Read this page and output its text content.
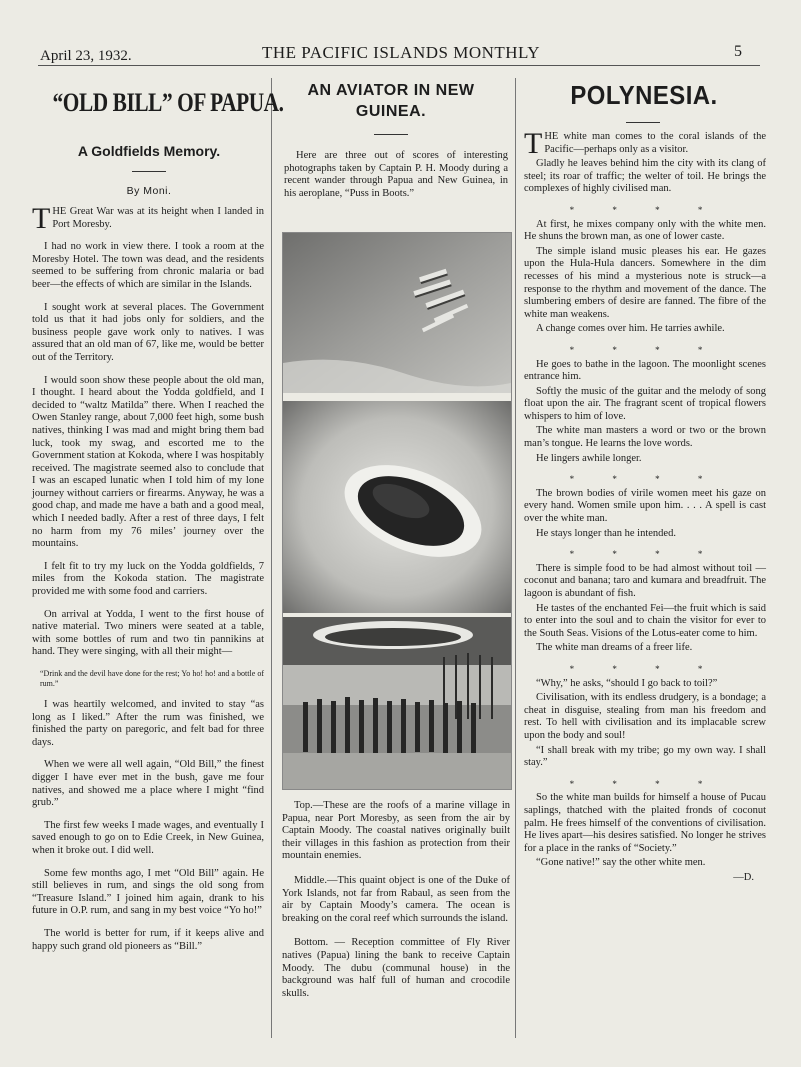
April 23, 1932.	THE PACIFIC ISLANDS MONTHLY	5
“OLD BILL” OF PAPUA.
A Goldfields Memory.
By Moni.

THE Great War was at its height when I landed in Port Moresby.

I had no work in view there. I took a room at the Moresby Hotel. The town was dead, and the residents seemed to be suffering from chronic malaria or bad beer—the effects of which are similar in the Islands.

I sought work at several places. The Government told us that it had jobs only for soldiers, and the business people gave work only to natives. I was assured that an old man of 67, like me, would be better out of the Territory.

I would soon show these people about the old man, I thought. I heard about the Yodda goldfield, and I decided to “waltz Matilda” there. When I reached the Owen Stanley range, about 7,000 feet high, some bush natives, thinking I was mad and might bring them bad luck, took my swag, and escorted me to the Government station at Kokoda, where I was hospitably received. The magistrate seemed also to conclude that I was an escaped lunatic when I told him of my lone journey without carriers or firearms. Anyway, he was a good chap, and made me have a bath and a good meal, which I needed badly. After a rest of three days, I felt no harm from my 76 miles’ journey over the mountains.

I felt fit to try my luck on the Yodda goldfields, 7 miles from the Kokoda station. The magistrate provided me with some food and carriers.

On arrival at Yodda, I went to the first house of native material. Two miners were seated at a table, with some bottles of rum and two tin pannikins at hand. They were singing, with all their might—

“Drink and the devil have done for the rest; Yo ho! ho! and a bottle of rum.”

I was heartily welcomed, and invited to stay “as long as I liked.” After the rum was finished, we finished the party on paregoric, and felt bad for three days.

When we were all well again, “Old Bill,” the finest digger I have ever met in the bush, gave me four natives, and showed me a place where I might “find grub.”

The first few weeks I made wages, and eventually I saved enough to go on to Edie Creek, in New Guinea, when it broke out. I did well.

Some few months ago, I met “Old Bill” again. He still believes in rum, and sings the old song from “Treasure Island.” I joined him again, drank to his future in O.P. rum, and sang in my best voice “Yo ho!”

The world is better for rum, if it keeps alive and happy such grand old pioneers as “Bill.”

AN AVIATOR IN NEW
GUINEA.

Here are three out of scores of interesting photographs taken by Captain P. H. Moody during a recent wander through Papua and New Guinea, in his aeroplane, “Puss in Boots.”

Top.—These are the roofs of a marine village in Papua, near Port Moresby, as seen from the air by Captain Moody. The coastal natives originally built their villages in this fashion as protection from their mountain enemies.

Middle.—This quaint object is one of the Duke of York Islands, not far from Rabaul, as seen from the air by Captain Moody’s camera. The ocean is breaking on the coral reef which surrounds the island.

Bottom. — Reception committee of Fly River natives (Papua) lining the bank to receive Captain Moody. The dubu (communal house) in the background was half full of human and crocodile skulls.

POLYNESIA.

THE white man comes to the coral islands of the Pacific—perhaps only as a visitor.

Gladly he leaves behind him the city with its clang of steel; its roar of traffic; the welter of toil. He brings the complexes of highly civilised man.

* * * *

At first, he mixes company only with the white men. He shuns the brown man, as one of lower caste.

The simple island music pleases his ear. He gazes upon the Hula-Hula dancers. Somewhere in the dim recesses of his mind a mysterious note is struck—a response to the rhythm and movement of the dance. The slumbering embers of desire are fanned. The fibre of the white man weakens.

A change comes over him. He tarries awhile.

* * * *

He goes to bathe in the lagoon. The moonlight scenes entrance him.

Softly the music of the guitar and the melody of song float upon the air. The fragrant scent of tropical flowers whispers to him of love.

The white man masters a word or two or the brown man’s tongue. He learns the love words.

He lingers awhile longer.

* * * *

The brown bodies of virile women meet his gaze on every hand. Women smile upon him. . . . A spell is cast over the white man.

He stays longer than he intended.

* * * *

There is simple food to be had almost without toil — coconut and banana; taro and kumara and breadfruit. The lagoon is abundant of fish.

He tastes of the enchanted Fei—the fruit which is said to enter into the soul and to chain the visitor for ever to the South Seas. Visions of the Lotus-eater come to him.

The white man dreams of a freer life.

* * * *

“Why,” he asks, “should I go back to toil?”

Civilisation, with its endless drudgery, is a bondage; a cheat in disguise, stealing from man his freedom and rest. To hell with civilisation and its implacable screw upon the body and soul!

“I shall break with my tribe; go my own way. I shall stay.”

* * * *

So the white man builds for himself a house of Pucau saplings, thatched with the plaited fronds of coconut palm. He frees himself of the conventions of civilisation. He lives apart—his desires satisfied. No longer he strives for a place in the ranks of “Society.”

“Gone native!” say the other white men.

—D.
